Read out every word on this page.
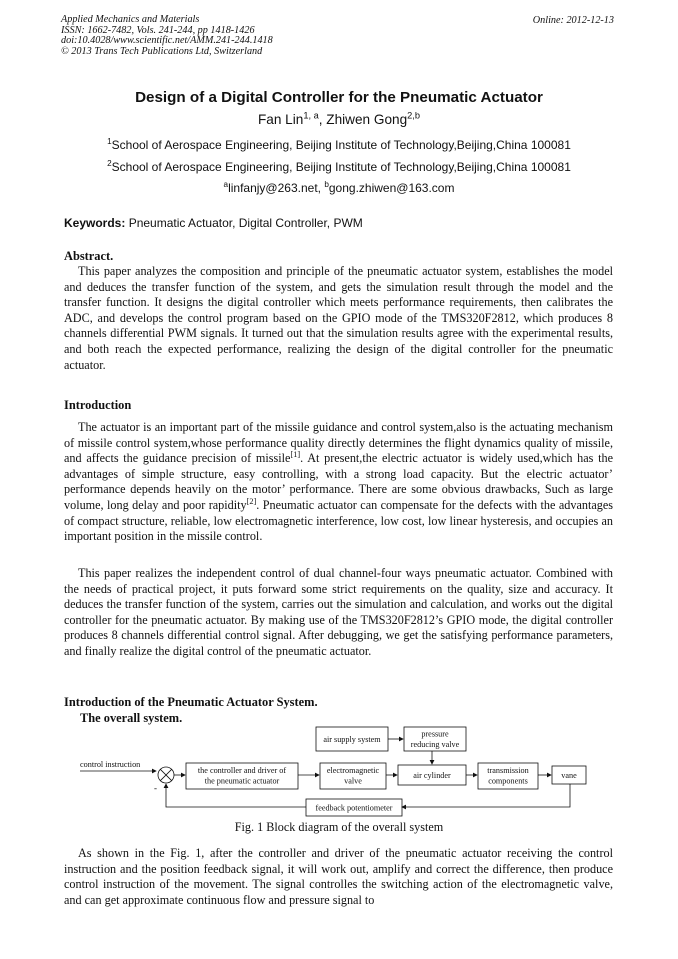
Applied Mechanics and Materials
ISSN: 1662-7482, Vols. 241-244, pp 1418-1426
doi:10.4028/www.scientific.net/AMM.241-244.1418
© 2013 Trans Tech Publications Ltd, Switzerland
Online: 2012-12-13
Design of a Digital Controller for the Pneumatic Actuator
Fan Lin$^{1, a}$, Zhiwen Gong$^{2,b}$
$^1$School of Aerospace Engineering, Beijing Institute of Technology,Beijing,China 100081
$^2$School of Aerospace Engineering, Beijing Institute of Technology,Beijing,China 100081
$^a$linfanjy@263.net, $^b$gong.zhiwen@163.com
Keywords: Pneumatic Actuator, Digital Controller, PWM
Abstract.
This paper analyzes the composition and principle of the pneumatic actuator system, establishes the model and deduces the transfer function of the system, and gets the simulation result through the model and the transfer function. It designs the digital controller which meets performance requirements, then calibrates the ADC, and develops the control program based on the GPIO mode of the TMS320F2812, which produces 8 channels differential PWM signals. It turned out that the simulation results agree with the experimental results, and both reach the expected performance, realizing the design of the digital controller for the pneumatic actuator.
Introduction
The actuator is an important part of the missile guidance and control system,also is the actuating mechanism of missile control system,whose performance quality directly determines the flight dynamics quality of missile, and affects the guidance precision of missile[1]. At present,the electric actuator is widely used,which has the advantages of simple structure, easy controlling, with a strong load capacity. But the electric actuator’ performance depends heavily on the motor’ performance. There are some obvious drawbacks, Such as large volume, long delay and poor rapidity[2]. Pneumatic actuator can compensate for the defects with the advantages of compact structure, reliable, low electromagnetic interference, low cost, low linear hysteresis, and occupies an important position in the missile control.
This paper realizes the independent control of dual channel-four ways pneumatic actuator. Combined with the needs of practical project, it puts forward some strict requirements on the quality, size and accuracy. It deduces the transfer function of the system, carries out the simulation and calculation, and works out the digital controller for the pneumatic actuator. By making use of the TMS320F2812’s GPIO mode, the digital controller produces 8 channels differential control signal. After debugging, we get the satisfying performance parameters, and finally realize the digital control of the pneumatic actuator.
Introduction of the Pneumatic Actuator System.
The overall system.
control instruction
-
air supply system
pressure
reducing valve
the controller and driver of
the pneumatic actuator
electromagnetic
valve
air cylinder
transmission
components
vane
feedback potentiometer
Fig. 1 Block diagram of the overall system
As shown in the Fig. 1, after the controller and driver of the pneumatic actuator receiving the control instruction and the position feedback signal, it will work out, amplify and correct the difference, then produce control instruction of the movement. The signal controlles the switching action of the electromagnetic valve, and can get approximate continuous flow and pressure signal to
